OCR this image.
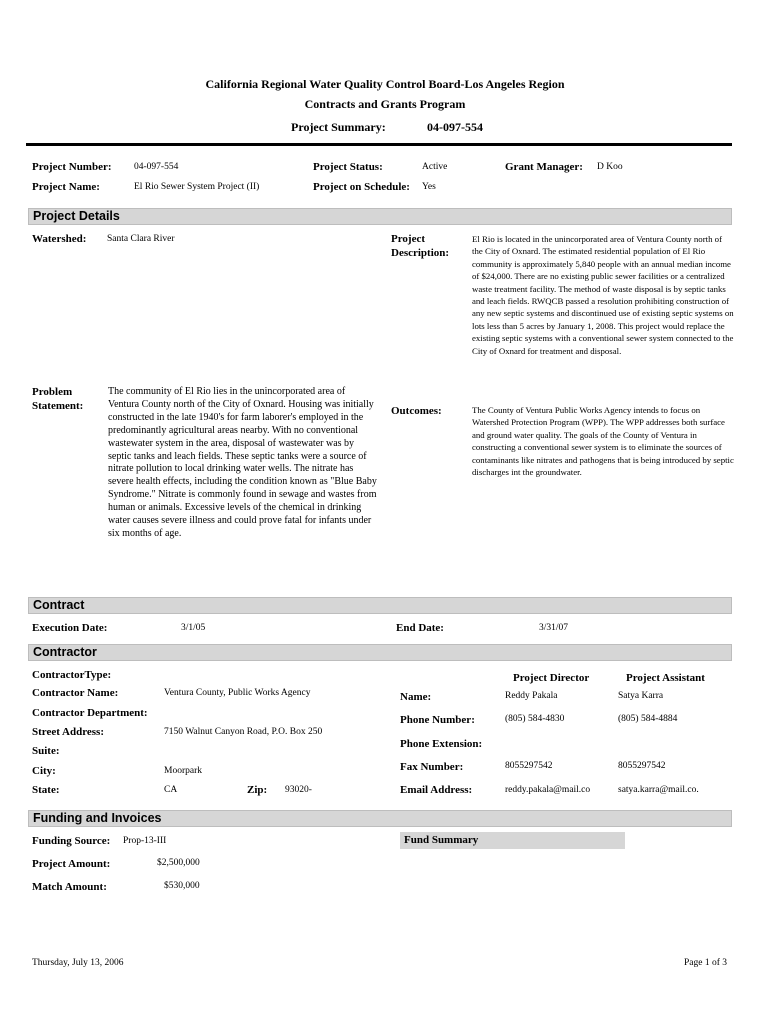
California Regional Water Quality Control Board-Los Angeles Region
Contracts and Grants Program
Project Summary:	04-097-554
Project Number: 04-097-554	Project Status:	Active	Grant Manager: D Koo
Project Name:	El Rio Sewer System Project (II)	Project on Schedule: Yes
Project Details
Watershed: Santa Clara River	Project
Description:
El Rio is located in the unincorporated area of Ventura County north of the City of Oxnard. The estimated residential population of El Rio community is approximately 5,840 people with an annual median income of $24,000. There are no existing public sewer facilities or a centralized waste treatment facility. The method of waste disposal is by septic tanks and leach fields. RWQCB passed a resolution prohibiting construction of any new septic systems and discontinued use of existing septic systems on lots less than 5 acres by January 1, 2008. This project would replace the existing septic systems with a conventional sewer system connected to the City of Oxnard for treatment and disposal.
Problem
Statement:
The community of El Rio lies in the unincorporated area of Ventura County north of the City of Oxnard. Housing was initially constructed in the late 1940's for farm laborer's employed in the predominantly agricultural areas nearby. With no conventional wastewater system in the area, disposal of wastewater was by septic tanks and leach fields. These septic tanks were a source of nitrate pollution to local drinking water wells. The nitrate has severe health effects, including the condition known as "Blue Baby Syndrome." Nitrate is commonly found in sewage and wastes from human or animals. Excessive levels of the chemical in drinking water causes severe illness and could prove fatal for infants under six months of age.
Outcomes:	The County of Ventura Public Works Agency intends to focus on Watershed Protection Program (WPP). The WPP addresses both surface and ground water quality. The goals of the County of Ventura in constructing a conventional sewer system is to eliminate the sources of contaminants like nitrates and pathogens that is being introduced by septic discharges int the groundwater.
Contract
Execution Date:	3/1/05	End Date:	3/31/07
Contractor
ContractorType:
Contractor Name:	Ventura County, Public Works Agency
Contractor Department:
Street Address:	7150 Walnut Canyon Road, P.O. Box 250
Suite:
City:	Moorpark
State:	CA	Zip: 93020-
Project Director	Project Assistant
Name:	Reddy Pakala	Satya Karra
Phone Number:	(805) 584-4830	(805) 584-4884
Phone Extension:
Fax Number:	8055297542	8055297542
Email Address:	reddy.pakala@mail.co	satya.karra@mail.co.
Funding and Invoices
Funding Source: Prop-13-III	Fund Summary
Project Amount:	$2,500,000
Match Amount:	$530,000
Thursday, July 13, 2006	Page 1 of 3
